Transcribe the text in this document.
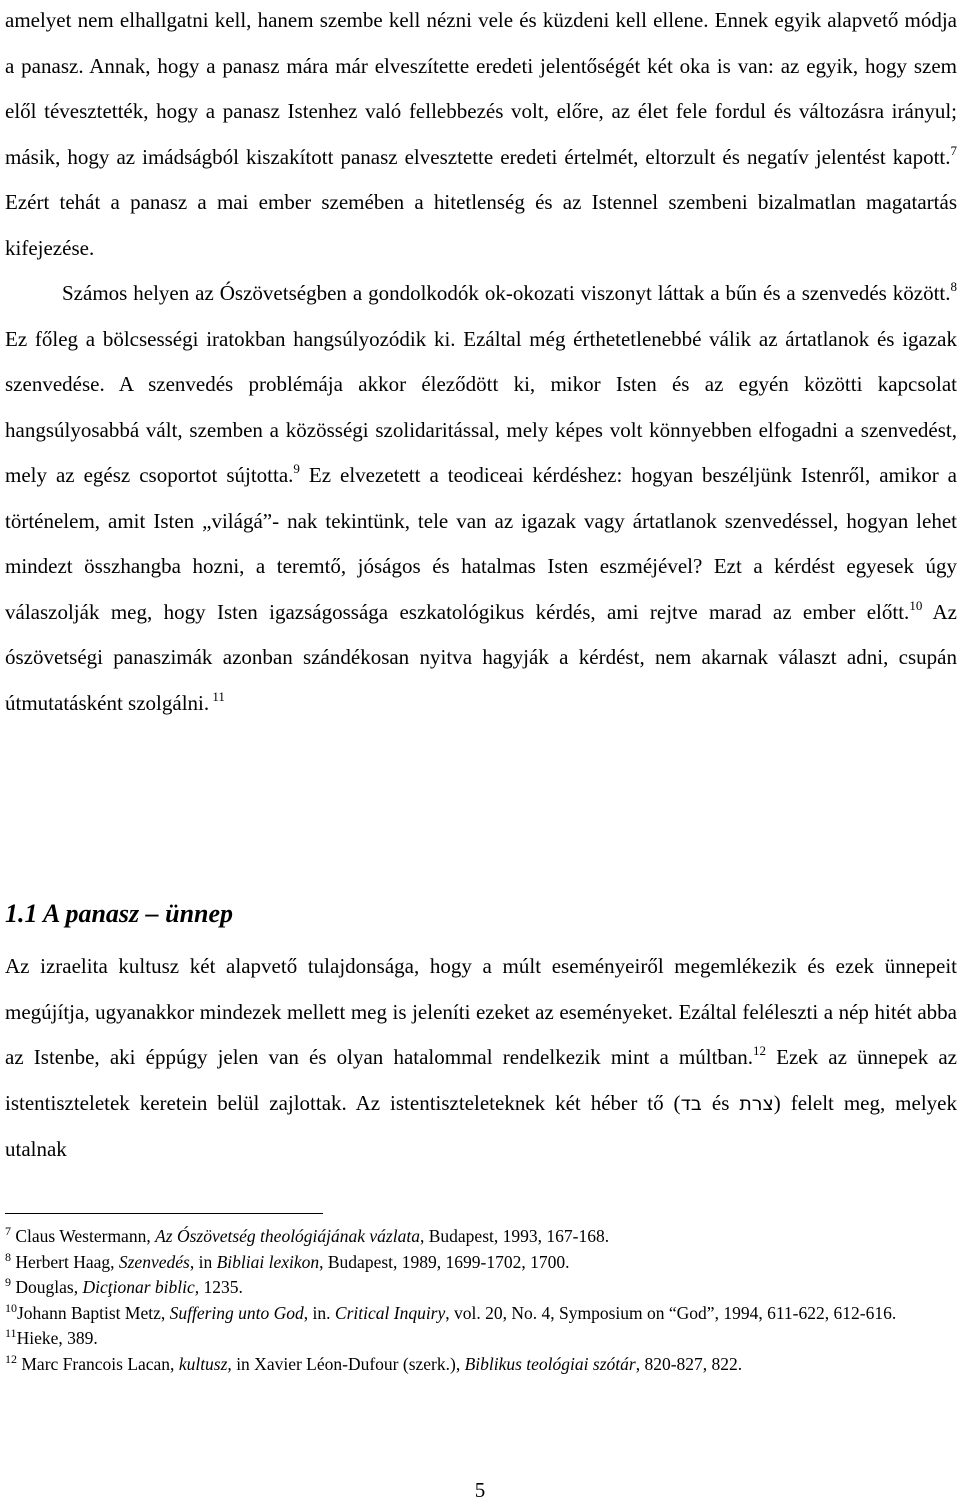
amelyet nem elhallgatni kell, hanem szembe kell nézni vele és küzdeni kell ellene. Ennek egyik alapvető módja a panasz. Annak, hogy a panasz mára már elveszítette eredeti jelentőségét két oka is van: az egyik, hogy szem elől tévesztették, hogy a panasz Istenhez való fellebbezés volt, előre, az élet fele fordul és változásra irányul; másik, hogy az imádságból kiszakított panasz elvesztette eredeti értelmét, eltorzult és negatív jelentést kapott.$^7$ Ezért tehát a panasz a mai ember szemében a hitetlenség és az Istennel szembeni bizalmatlan magatartás kifejezése.

Számos helyen az Ószövetségben a gondolkodók ok-okozati viszonyt láttak a bűn és a szenvedés között.$^8$ Ez főleg a bölcsességi iratokban hangsúlyozódik ki. Ezáltal még érthetetlenebbé válik az ártatlanok és igazak szenvedése. A szenvedés problémája akkor éleződött ki, mikor Isten és az egyén közötti kapcsolat hangsúlyosabbá vált, szemben a közösségi szolidaritással, mely képes volt könnyebben elfogadni a szenvedést, mely az egész csoportot sújtotta.$^9$ Ez elvezetett a teodiceai kérdéshez: hogyan beszéljünk Istenről, amikor a történelem, amit Isten „világá”- nak tekintünk, tele van az igazak vagy ártatlanok szenvedéssel, hogyan lehet mindezt összhangba hozni, a teremtő, jóságos és hatalmas Isten eszméjével? Ezt a kérdést egyesek úgy válaszolják meg, hogy Isten igazságossága eszkatológikus kérdés, ami rejtve marad az ember előtt.$^{10}$ Az ószövetségi panaszimák azonban szándékosan nyitva hagyják a kérdést, nem akarnak választ adni, csupán útmutatásként szolgálni. $^{11}$

1.1 A panasz – ünnep

Az izraelita kultusz két alapvető tulajdonsága, hogy a múlt eseményeiről megemlékezik és ezek ünnepeit megújítja, ugyanakkor mindezek mellett meg is jeleníti ezeket az eseményeket. Ezáltal feléleszti a nép hitét abba az Istenbe, aki éppúgy jelen van és olyan hatalommal rendelkezik mint a múltban.$^{12}$ Ezek az ünnepek az istentiszteletek keretein belül zajlottak. Az istentiszteleteknek két héber tő (בד és צרת) felelt meg, melyek utalnak

$^7$ Claus Westermann, Az Ószövetség theológiájának vázlata, Budapest, 1993, 167-168.
$^8$ Herbert Haag, Szenvedés, in Bibliai lexikon, Budapest, 1989, 1699-1702, 1700.
$^9$ Douglas, Dicţionar biblic, 1235.
$^{10}$Johann Baptist Metz, Suffering unto God, in. Critical Inquiry, vol. 20, No. 4, Symposium on “God”, 1994, 611-622, 612-616.
$^{11}$Hieke, 389.
$^{12}$ Marc Francois Lacan, kultusz, in Xavier Léon-Dufour (szerk.), Biblikus teológiai szótár, 820-827, 822.
5
